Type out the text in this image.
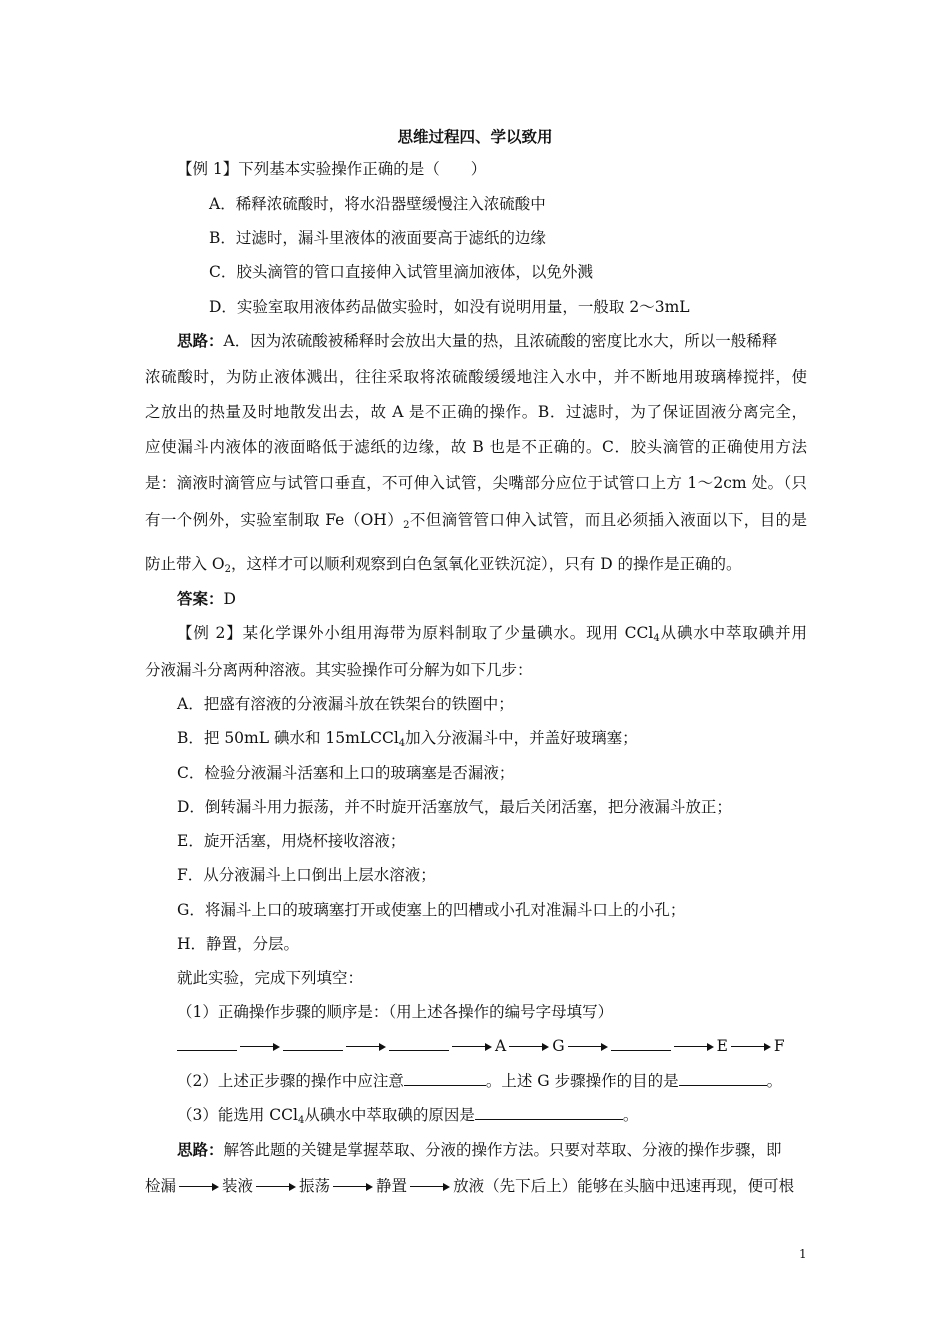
思维过程四、学以致用
【例 1】下列基本实验操作正确的是（　　）
A．稀释浓硫酸时，将水沿器壁缓慢注入浓硫酸中
B．过滤时，漏斗里液体的液面要高于滤纸的边缘
C．胶头滴管的管口直接伸入试管里滴加液体，以免外溅
D．实验室取用液体药品做实验时，如没有说明用量，一般取 2～3mL
思路：A．因为浓硫酸被稀释时会放出大量的热，且浓硫酸的密度比水大，所以一般稀释
浓硫酸时，为防止液体溅出，往往采取将浓硫酸缓缓地注入水中，并不断地用玻璃棒搅拌，使
之放出的热量及时地散发出去，故 A 是不正确的操作。B．过滤时，为了保证固液分离完全，
应使漏斗内液体的液面略低于滤纸的边缘，故 B 也是不正确的。C．胶头滴管的正确使用方法
是：滴液时滴管应与试管口垂直，不可伸入试管，尖嘴部分应位于试管口上方 1～2cm 处。（只
有一个例外，实验室制取 $Fe(OH)_2$不但滴管管口伸入试管，而且必须插入液面以下，目的是
防止带入 $O_2$，这样才可以顺利观察到白色氢氧化亚铁沉淀），只有 D 的操作是正确的。
答案：D
【例 2】某化学课外小组用海带为原料制取了少量碘水。现用 CCl$_4$从碘水中萃取碘并用
分液漏斗分离两种溶液。其实验操作可分解为如下几步：
A．把盛有溶液的分液漏斗放在铁架台的铁圈中；
B．把 50mL 碘水和 15mLCCl$_4$加入分液漏斗中，并盖好玻璃塞；
C．检验分液漏斗活塞和上口的玻璃塞是否漏液；
D．倒转漏斗用力振荡，并不时旋开活塞放气，最后关闭活塞，把分液漏斗放正；
E．旋开活塞，用烧杯接收溶液；
F．从分液漏斗上口倒出上层水溶液；
G．将漏斗上口的玻璃塞打开或使塞上的凹槽或小孔对准漏斗口上的小孔；
H．静置，分层。
就此实验，完成下列填空：
（1）正确操作步骤的顺序是：（用上述各操作的编号字母填写）
A	G	E	F
（2）上述正步骤的操作中应注意	。上述 G 步骤操作的目的是	。
（3）能选用 CCl$_4$从碘水中萃取碘的原因是	。
思路：解答此题的关键是掌握萃取、分液的操作方法。只要对萃取、分液的操作步骤，即
检漏	装液	振荡	静置	放液（先下后上）能够在头脑中迅速再现，便可根
1
